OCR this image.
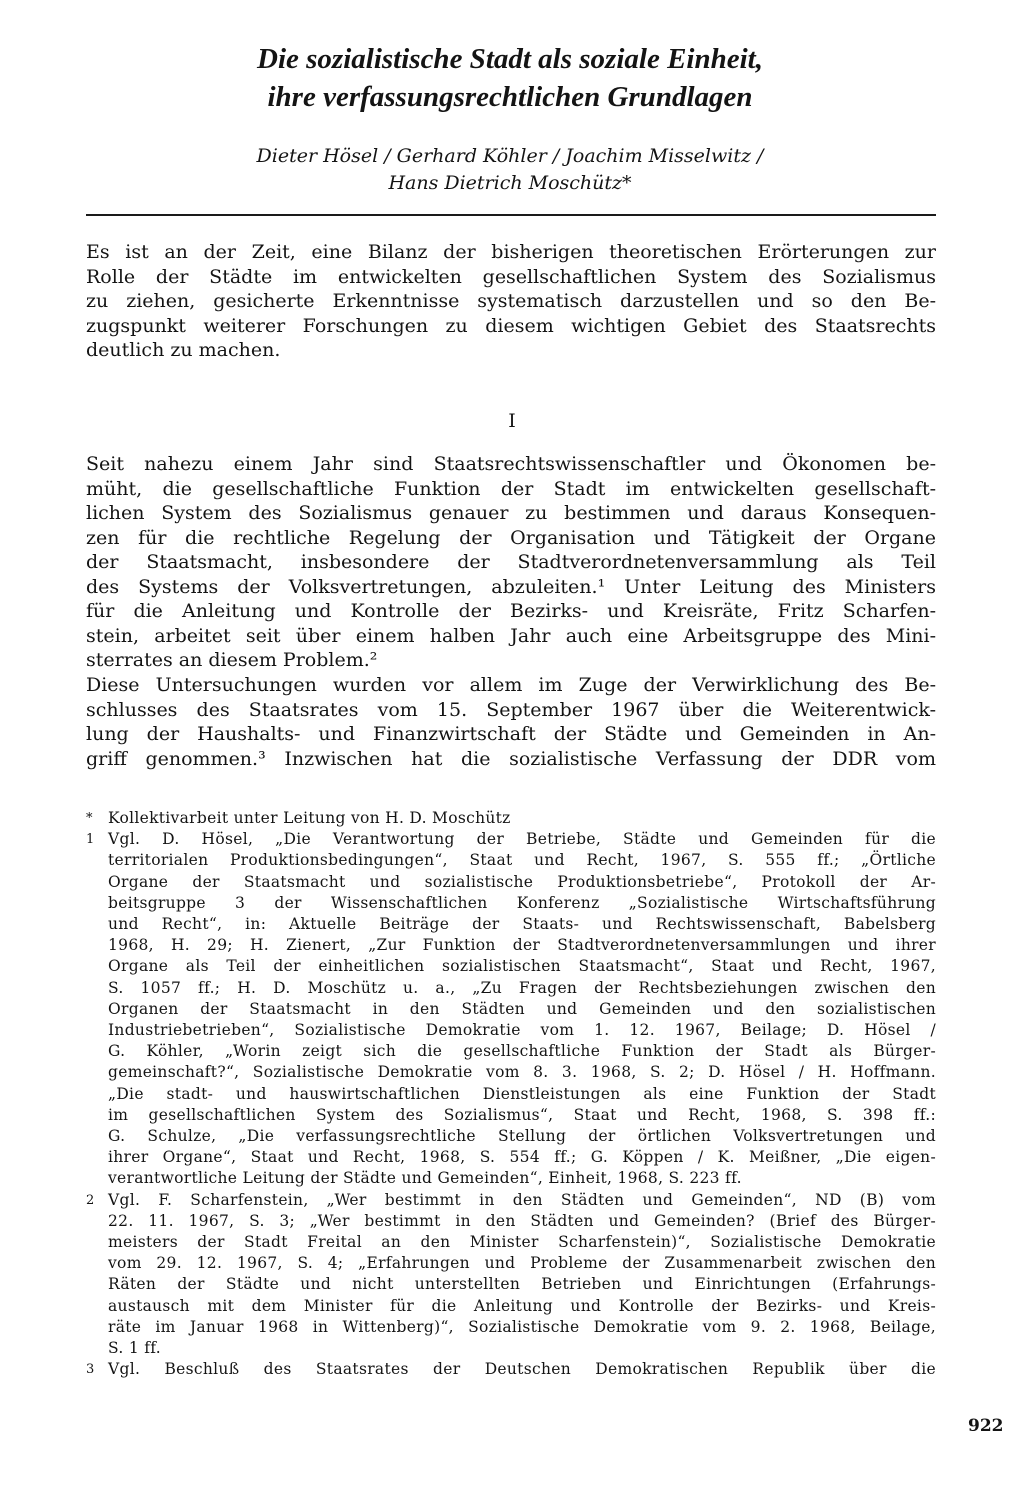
Die sozialistische Stadt als soziale Einheit,
ihre verfassungsrechtlichen Grundlagen

Dieter Hösel / Gerhard Köhler / Joachim Misselwitz /
Hans Dietrich Moschütz*

Es ist an der Zeit, eine Bilanz der bisherigen theoretischen Erörterungen zur
Rolle der Städte im entwickelten gesellschaftlichen System des Sozialismus
zu ziehen, gesicherte Erkenntnisse systematisch darzustellen und so den Be-
zugspunkt weiterer Forschungen zu diesem wichtigen Gebiet des Staatsrechts
deutlich zu machen.

I

Seit nahezu einem Jahr sind Staatsrechtswissenschaftler und Ökonomen be-
müht, die gesellschaftliche Funktion der Stadt im entwickelten gesellschaft-
lichen System des Sozialismus genauer zu bestimmen und daraus Konsequen-
zen für die rechtliche Regelung der Organisation und Tätigkeit der Organe
der Staatsmacht, insbesondere der Stadtverordnetenversammlung als Teil
des Systems der Volksvertretungen, abzuleiten.¹ Unter Leitung des Ministers
für die Anleitung und Kontrolle der Bezirks- und Kreisräte, Fritz Scharfen-
stein, arbeitet seit über einem halben Jahr auch eine Arbeitsgruppe des Mini-
sterrates an diesem Problem.²

Diese Untersuchungen wurden vor allem im Zuge der Verwirklichung des Be-
schlusses des Staatsrates vom 15. September 1967 über die Weiterentwick-
lung der Haushalts- und Finanzwirtschaft der Städte und Gemeinden in An-
griff genommen.³ Inzwischen hat die sozialistische Verfassung der DDR vom

* Kollektivarbeit unter Leitung von H. D. Moschütz
1 Vgl. D. Hösel, „Die Verantwortung der Betriebe, Städte und Gemeinden für die
territorialen Produktionsbedingungen“, Staat und Recht, 1967, S. 555 ff.; „Örtliche
Organe der Staatsmacht und sozialistische Produktionsbetriebe“, Protokoll der Ar-
beitsgruppe 3 der Wissenschaftlichen Konferenz „Sozialistische Wirtschaftsführung
und Recht“, in: Aktuelle Beiträge der Staats- und Rechtswissenschaft, Babelsberg
1968, H. 29; H. Zienert, „Zur Funktion der Stadtverordnetenversammlungen und ihrer
Organe als Teil der einheitlichen sozialistischen Staatsmacht“, Staat und Recht, 1967,
S. 1057 ff.; H. D. Moschütz u. a., „Zu Fragen der Rechtsbeziehungen zwischen den
Organen der Staatsmacht in den Städten und Gemeinden und den sozialistischen
Industriebetrieben“, Sozialistische Demokratie vom 1. 12. 1967, Beilage; D. Hösel /
G. Köhler, „Worin zeigt sich die gesellschaftliche Funktion der Stadt als Bürger-
gemeinschaft?“, Sozialistische Demokratie vom 8. 3. 1968, S. 2; D. Hösel / H. Hoffmann.
„Die stadt- und hauswirtschaftlichen Dienstleistungen als eine Funktion der Stadt
im gesellschaftlichen System des Sozialismus“, Staat und Recht, 1968, S. 398 ff.:
G. Schulze, „Die verfassungsrechtliche Stellung der örtlichen Volksvertretungen und
ihrer Organe“, Staat und Recht, 1968, S. 554 ff.; G. Köppen / K. Meißner, „Die eigen-
verantwortliche Leitung der Städte und Gemeinden“, Einheit, 1968, S. 223 ff.
2 Vgl. F. Scharfenstein, „Wer bestimmt in den Städten und Gemeinden“, ND (B) vom
22. 11. 1967, S. 3; „Wer bestimmt in den Städten und Gemeinden? (Brief des Bürger-
meisters der Stadt Freital an den Minister Scharfenstein)“, Sozialistische Demokratie
vom 29. 12. 1967, S. 4; „Erfahrungen und Probleme der Zusammenarbeit zwischen den
Räten der Städte und nicht unterstellten Betrieben und Einrichtungen (Erfahrungs-
austausch mit dem Minister für die Anleitung und Kontrolle der Bezirks- und Kreis-
räte im Januar 1968 in Wittenberg)“, Sozialistische Demokratie vom 9. 2. 1968, Beilage,
S. 1 ff.
3 Vgl. Beschluß des Staatsrates der Deutschen Demokratischen Republik über die

922
